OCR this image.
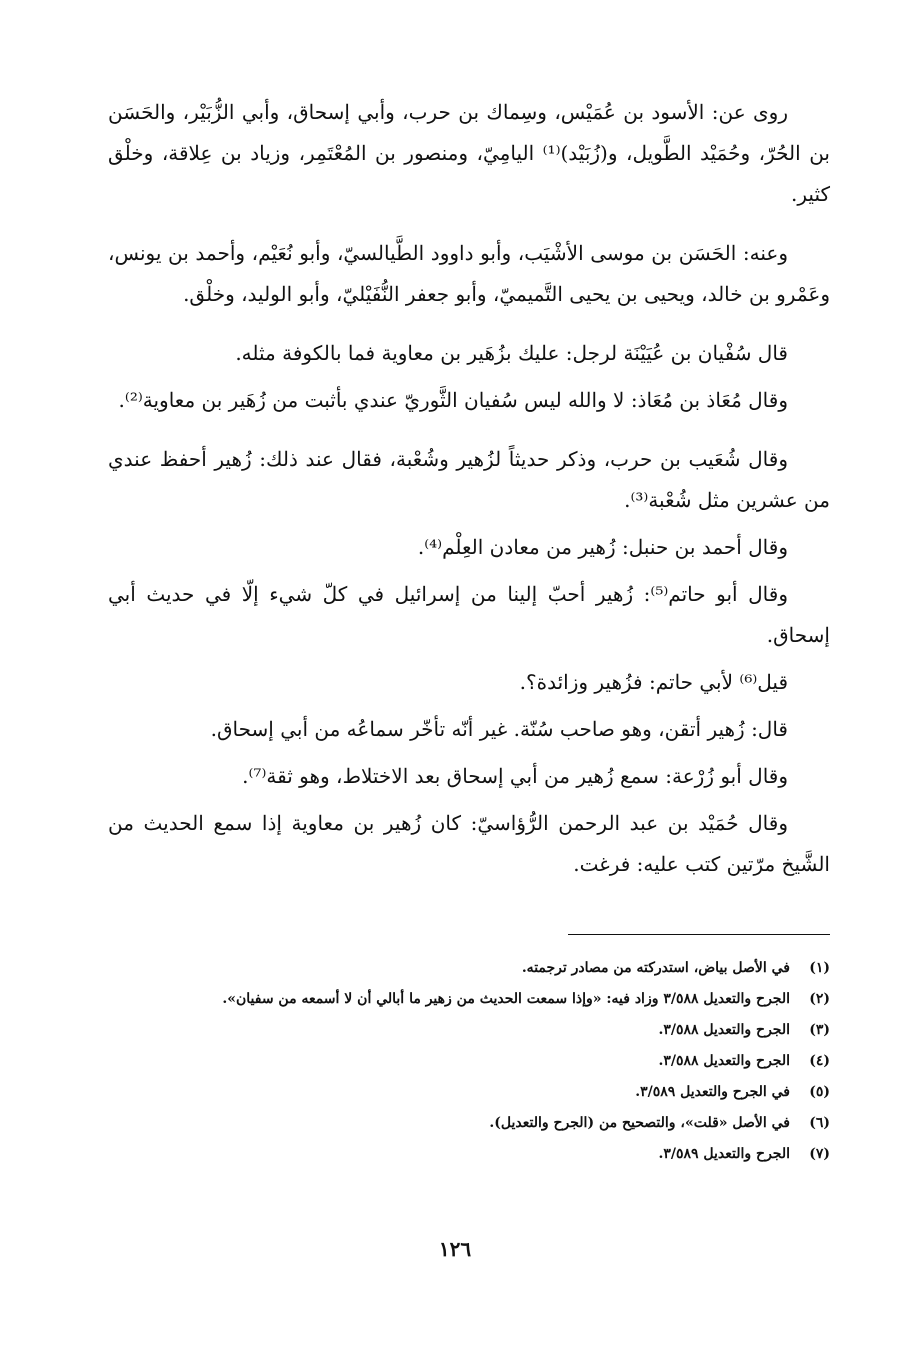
روى عن: الأسود بن عُمَيْس، وسِماك بن حرب، وأبي إسحاق، وأبي الزُّبَيْر، والحَسَن بن الحُرّ، وحُمَيْد الطَّويل، و(زُبَيْد)⁽¹⁾ اليامِيّ، ومنصور بن المُعْتَمِر، وزياد بن عِلاقة، وخلْق كثير.

وعنه: الحَسَن بن موسى الأشْيَب، وأبو داوود الطَّيالسيّ، وأبو نُعَيْم، وأحمد بن يونس، وعَمْرو بن خالد، ويحيى بن يحيى التَّميميّ، وأبو جعفر النُّفَيْليّ، وأبو الوليد، وخلْق.

قال سُفْيان بن عُيَيْنَة لرجل: عليك بزُهَير بن معاوية فما بالكوفة مثله.

وقال مُعَاذ بن مُعَاذ: لا والله ليس سُفيان الثَّوريّ عندي بأثبت من زُهَير بن معاوية⁽²⁾.

وقال شُعَيب بن حرب، وذكر حديثاً لزُهير وشُعْبة، فقال عند ذلك: زُهير أحفظ عندي من عشرين مثل شُعْبة⁽³⁾.

وقال أحمد بن حنبل: زُهير من معادن العِلْم⁽⁴⁾.

وقال أبو حاتم⁽⁵⁾: زُهير أحبّ إلينا من إسرائيل في كلّ شيء إلّا في حديث أبي إسحاق.

قيل⁽⁶⁾ لأبي حاتم: فزُهير وزائدة؟.

قال: زُهير أتقن، وهو صاحب سُنّة. غير أنّه تأخّر سماعُه من أبي إسحاق.

وقال أبو زُرْعة: سمع زُهير من أبي إسحاق بعد الاختلاط، وهو ثقة⁽⁷⁾.

وقال حُمَيْد بن عبد الرحمن الرُّؤاسيّ: كان زُهير بن معاوية إذا سمع الحديث من الشَّيخ مرّتين كتب عليه: فرغت.

(١)
في الأصل بياض، استدركته من مصادر ترجمته.
(٢)
الجرح والتعديل ٣/٥٨٨ وزاد فيه: «وإذا سمعت الحديث من زهير ما أبالي أن لا أسمعه من سفيان».
(٣)
الجرح والتعديل ٣/٥٨٨.
(٤)
الجرح والتعديل ٣/٥٨٨.
(٥)
في الجرح والتعديل ٣/٥٨٩.
(٦)
في الأصل «قلت»، والتصحيح من (الجرح والتعديل).
(٧)
الجرح والتعديل ٣/٥٨٩.
١٢٦
